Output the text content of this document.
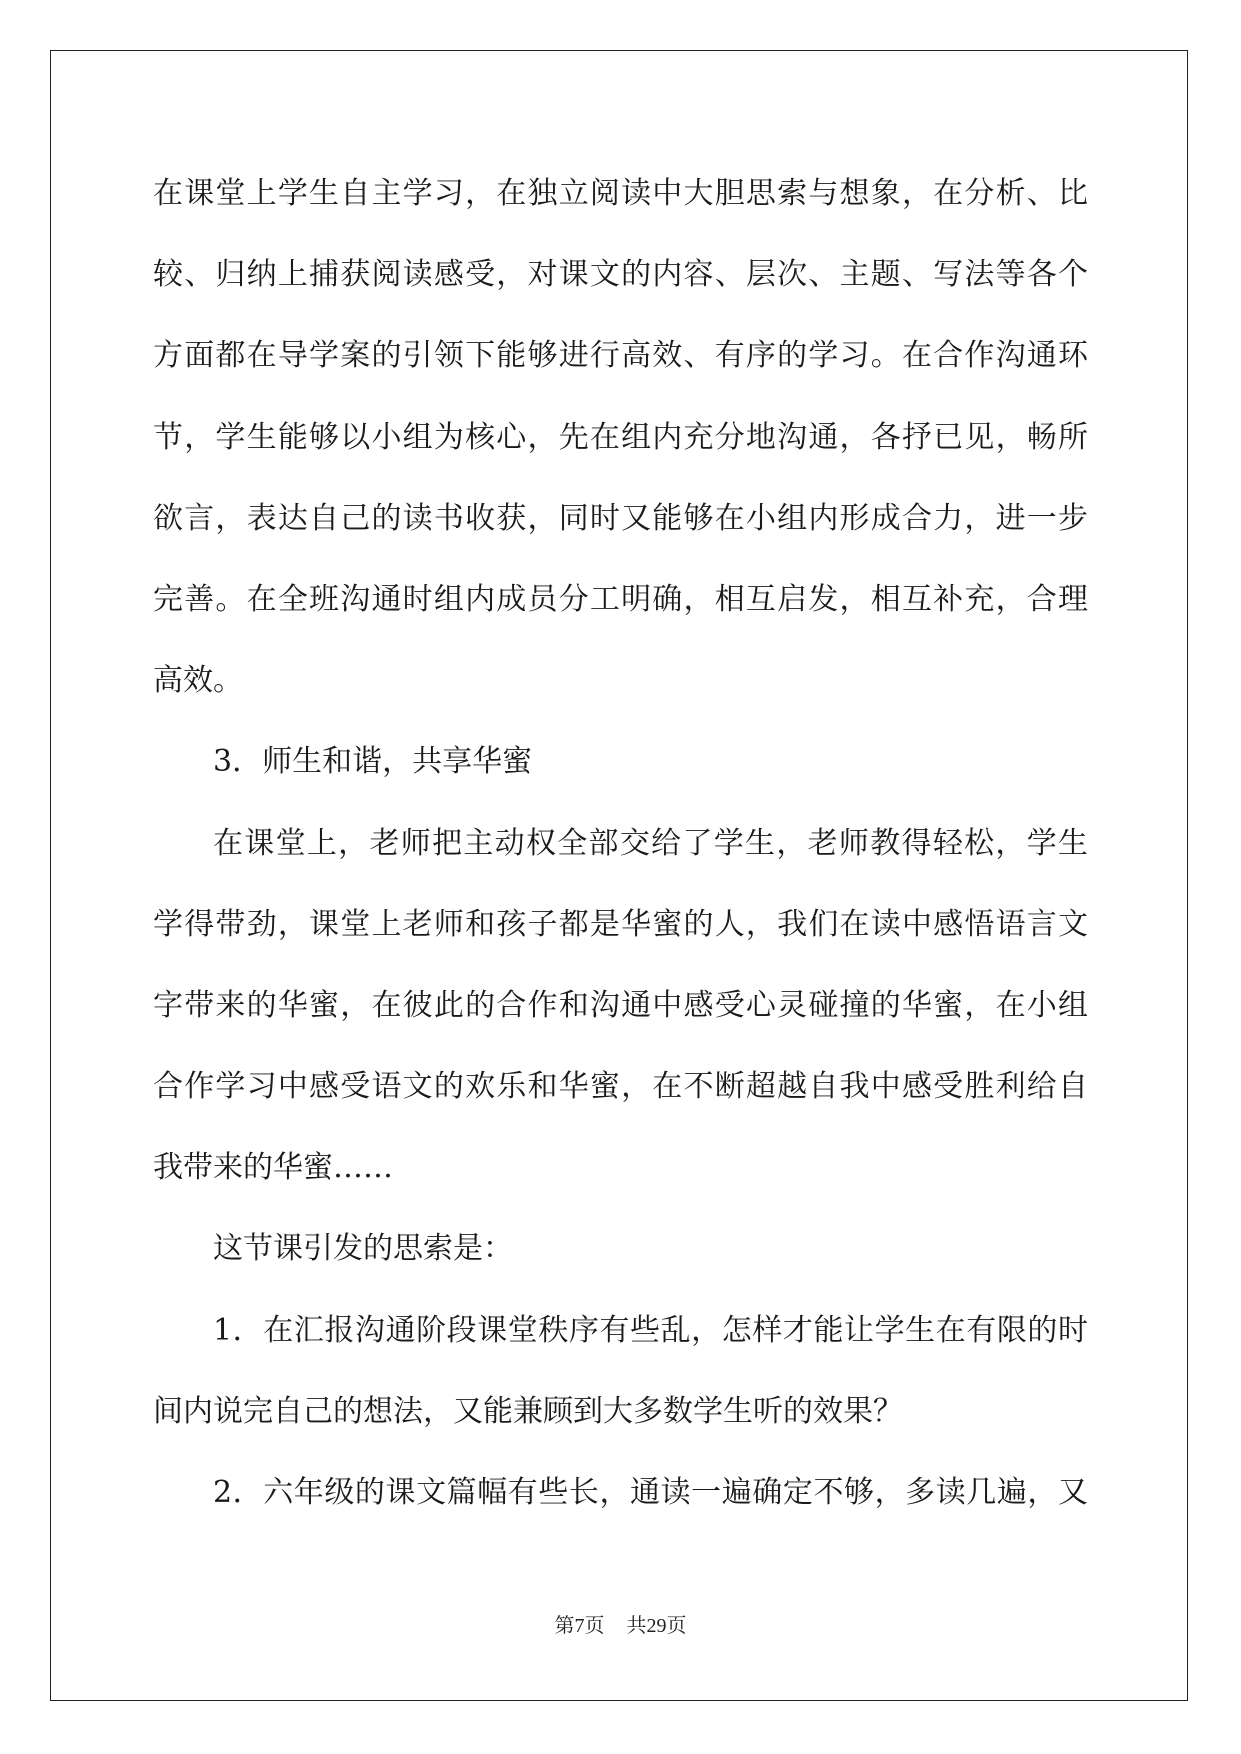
在课堂上学生自主学习，在独立阅读中大胆思索与想象，在分析、比
较、归纳上捕获阅读感受，对课文的内容、层次、主题、写法等各个
方面都在导学案的引领下能够进行高效、有序的学习。在合作沟通环
节，学生能够以小组为核心，先在组内充分地沟通，各抒已见，畅所
欲言，表达自己的读书收获，同时又能够在小组内形成合力，进一步
完善。在全班沟通时组内成员分工明确，相互启发，相互补充，合理
高效。
3．师生和谐，共享华蜜
在课堂上，老师把主动权全部交给了学生，老师教得轻松，学生
学得带劲，课堂上老师和孩子都是华蜜的人，我们在读中感悟语言文
字带来的华蜜，在彼此的合作和沟通中感受心灵碰撞的华蜜，在小组
合作学习中感受语文的欢乐和华蜜，在不断超越自我中感受胜利给自
我带来的华蜜……
这节课引发的思索是：
1．在汇报沟通阶段课堂秩序有些乱，怎样才能让学生在有限的时
间内说完自己的想法，又能兼顾到大多数学生听的效果？
2．六年级的课文篇幅有些长，通读一遍确定不够，多读几遍，又
第7页 共29页
